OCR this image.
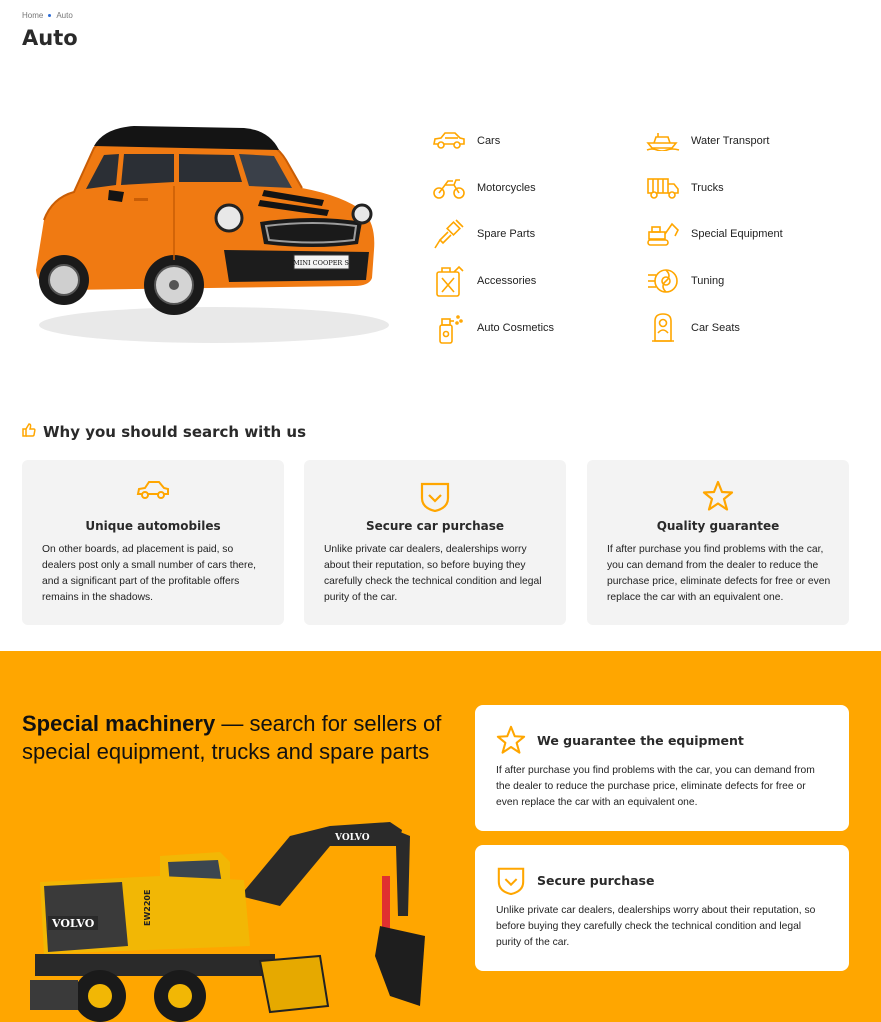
Home Auto
Auto
MINI COOPER S
Cars	Water Transport
Motorcycles	Trucks
Spare Parts	Special Equipment
Accessories	Tuning
Auto Cosmetics	Car Seats
Why you should search with us
Unique automobiles

On other boards, ad placement is paid, so dealers post only a small number of cars there, and a significant part of the profitable offers remains in the shadows.

Secure car purchase

Unlike private car dealers, dealerships worry about their reputation, so before buying they carefully check the technical condition and legal purity of the car.

Quality guarantee

If after purchase you find problems with the car, you can demand from the dealer to reduce the purchase price, eliminate defects for free or even replace the car with an equivalent one.

Special machinery — search for sellers of special equipment, trucks and spare parts
VOLVO
VOLVO	EW220E
We guarantee the equipment

If after purchase you find problems with the car, you can demand from the dealer to reduce the purchase price, eliminate defects for free or even replace the car with an equivalent one.

Secure purchase

Unlike private car dealers, dealerships worry about their reputation, so before buying they carefully check the technical condition and legal purity of the car.
